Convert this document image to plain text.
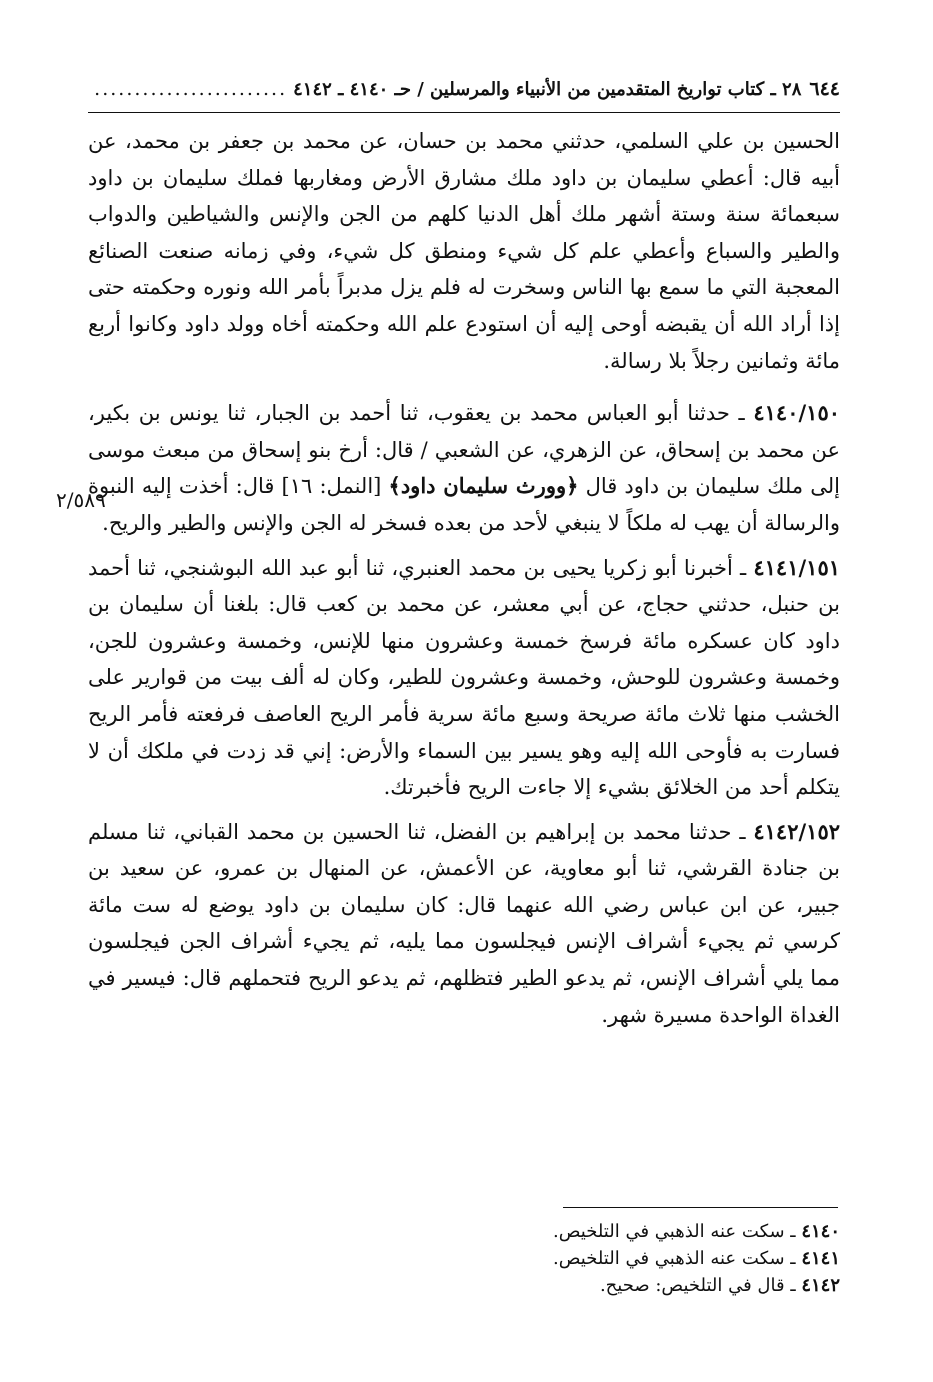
٦٤٤
٢٨ ـ كتاب تواريخ المتقدمين من الأنبياء والمرسلين / حـ ٤١٤٠ ـ ٤١٤٢
........................

الحسين بن علي السلمي، حدثني محمد بن حسان، عن محمد بن جعفر بن محمد، عن أبيه قال: أعطي سليمان بن داود ملك مشارق الأرض ومغاربها فملك سليمان بن داود سبعمائة سنة وستة أشهر ملك أهل الدنيا كلهم من الجن والإنس والشياطين والدواب والطير والسباع وأعطي علم كل شيء ومنطق كل شيء، وفي زمانه صنعت الصنائع المعجبة التي ما سمع بها الناس وسخرت له فلم يزل مدبراً بأمر الله ونوره وحكمته حتى إذا أراد الله أن يقبضه أوحى إليه أن استودع علم الله وحكمته أخاه وولد داود وكانوا أربع مائة وثمانين رجلاً بلا رسالة.

٤١٤٠/١٥٠ ـ حدثنا أبو العباس محمد بن يعقوب، ثنا أحمد بن الجبار، ثنا يونس بن بكير، عن محمد بن إسحاق، عن الزهري، عن الشعبي / قال: أرخ بنو إسحاق من مبعث موسى إلى ملك سليمان بن داود قال ﴿وورث سليمان داود﴾ [النمل: ١٦] قال: أخذت إليه النبوة والرسالة أن يهب له ملكاً لا ينبغي لأحد من بعده فسخر له الجن والإنس والطير والريح.

٤١٤١/١٥١ ـ أخبرنا أبو زكريا يحيى بن محمد العنبري، ثنا أبو عبد الله البوشنجي، ثنا أحمد بن حنبل، حدثني حجاج، عن أبي معشر، عن محمد بن كعب قال: بلغنا أن سليمان بن داود كان عسكره مائة فرسخ خمسة وعشرون منها للإنس، وخمسة وعشرون للجن، وخمسة وعشرون للوحش، وخمسة وعشرون للطير، وكان له ألف بيت من قوارير على الخشب منها ثلاث مائة صريحة وسبع مائة سرية فأمر الريح العاصف فرفعته فأمر الريح فسارت به فأوحى الله إليه وهو يسير بين السماء والأرض: إني قد زدت في ملكك أن لا يتكلم أحد من الخلائق بشيء إلا جاءت الريح فأخبرتك.

٤١٤٢/١٥٢ ـ حدثنا محمد بن إبراهيم بن الفضل، ثنا الحسين بن محمد القباني، ثنا مسلم بن جنادة القرشي، ثنا أبو معاوية، عن الأعمش، عن المنهال بن عمرو، عن سعيد بن جبير، عن ابن عباس رضي الله عنهما قال: كان سليمان بن داود يوضع له ست مائة كرسي ثم يجيء أشراف الإنس فيجلسون مما يليه، ثم يجيء أشراف الجن فيجلسون مما يلي أشراف الإنس، ثم يدعو الطير فتظلهم، ثم يدعو الريح فتحملهم قال: فيسير في الغداة الواحدة مسيرة شهر.

٢/٥٨٩
٤١٤٠ ـ سكت عنه الذهبي في التلخيص.
٤١٤١ ـ سكت عنه الذهبي في التلخيص.
٤١٤٢ ـ قال في التلخيص: صحيح.
